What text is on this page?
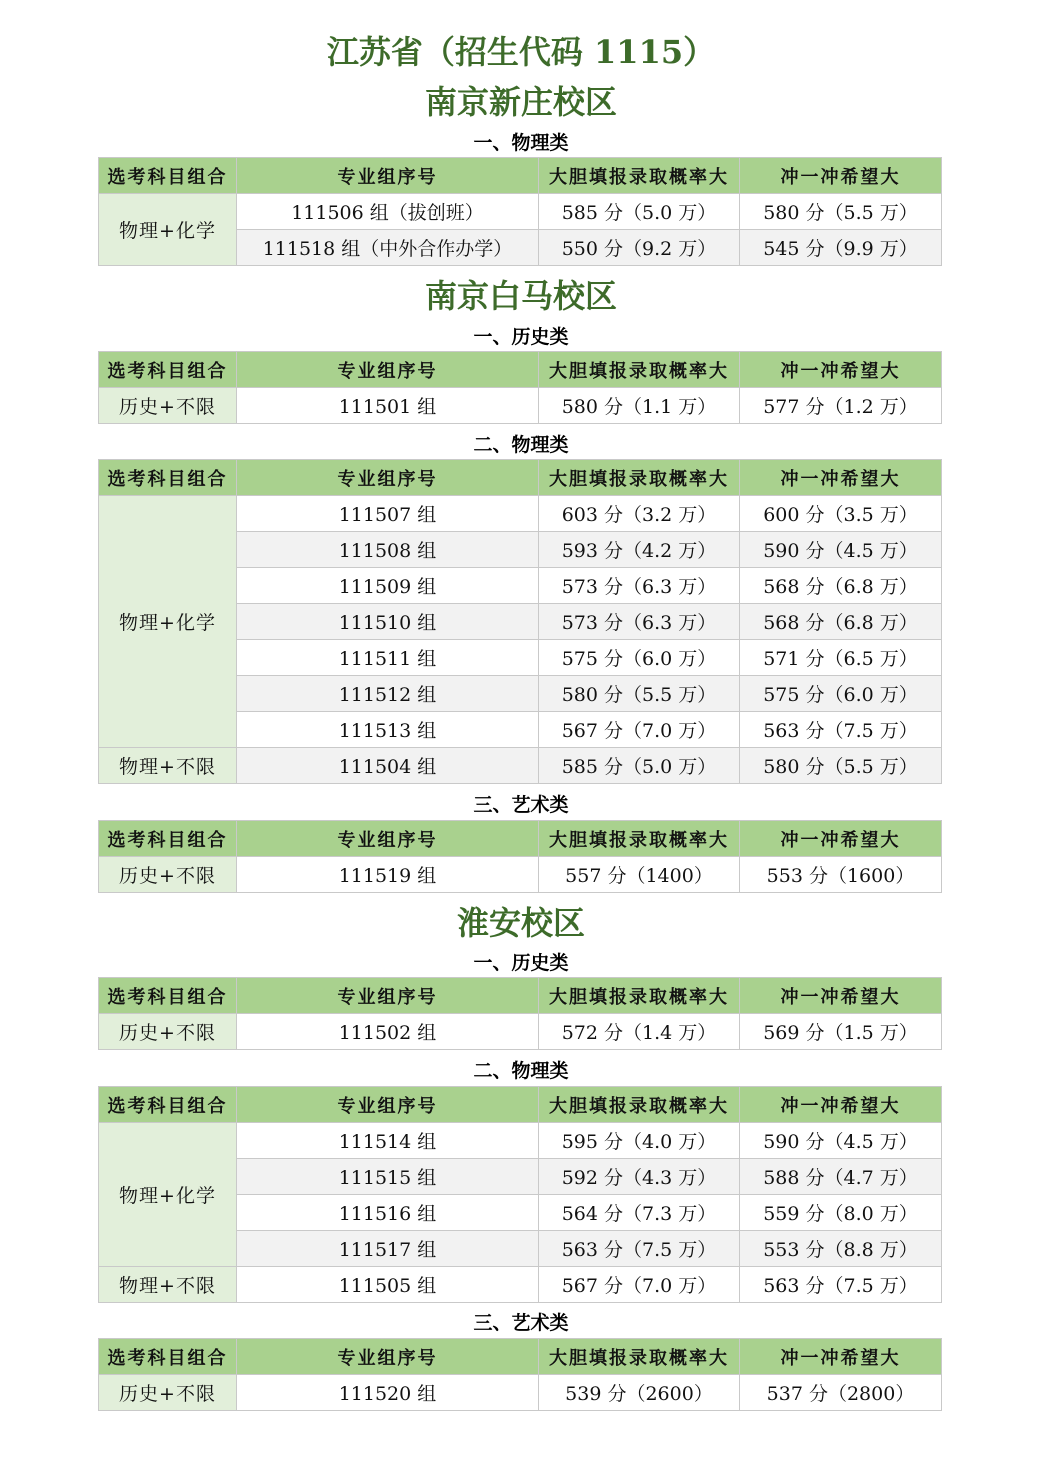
江苏省（招生代码 1115）
南京新庄校区
一、物理类
选考科目组合	专业组序号	大胆填报录取概率大	冲一冲希望大
物理+化学	111506 组（拔创班）	585 分（5.0 万）	580 分（5.5 万）
	111518 组（中外合作办学）	550 分（9.2 万）	545 分（9.9 万）
南京白马校区
一、历史类
选考科目组合	专业组序号	大胆填报录取概率大	冲一冲希望大
历史+不限	111501 组	580 分（1.1 万）	577 分（1.2 万）
二、物理类
选考科目组合	专业组序号	大胆填报录取概率大	冲一冲希望大
物理+化学	111507 组	603 分（3.2 万）	600 分（3.5 万）
	111508 组	593 分（4.2 万）	590 分（4.5 万）
	111509 组	573 分（6.3 万）	568 分（6.8 万）
	111510 组	573 分（6.3 万）	568 分（6.8 万）
	111511 组	575 分（6.0 万）	571 分（6.5 万）
	111512 组	580 分（5.5 万）	575 分（6.0 万）
	111513 组	567 分（7.0 万）	563 分（7.5 万）
物理+不限	111504 组	585 分（5.0 万）	580 分（5.5 万）
三、艺术类
选考科目组合	专业组序号	大胆填报录取概率大	冲一冲希望大
历史+不限	111519 组	557 分（1400）	553 分（1600）
淮安校区
一、历史类
选考科目组合	专业组序号	大胆填报录取概率大	冲一冲希望大
历史+不限	111502 组	572 分（1.4 万）	569 分（1.5 万）
二、物理类
选考科目组合	专业组序号	大胆填报录取概率大	冲一冲希望大
物理+化学	111514 组	595 分（4.0 万）	590 分（4.5 万）
	111515 组	592 分（4.3 万）	588 分（4.7 万）
	111516 组	564 分（7.3 万）	559 分（8.0 万）
	111517 组	563 分（7.5 万）	553 分（8.8 万）
物理+不限	111505 组	567 分（7.0 万）	563 分（7.5 万）
三、艺术类
选考科目组合	专业组序号	大胆填报录取概率大	冲一冲希望大
历史+不限	111520 组	539 分（2600）	537 分（2800）
